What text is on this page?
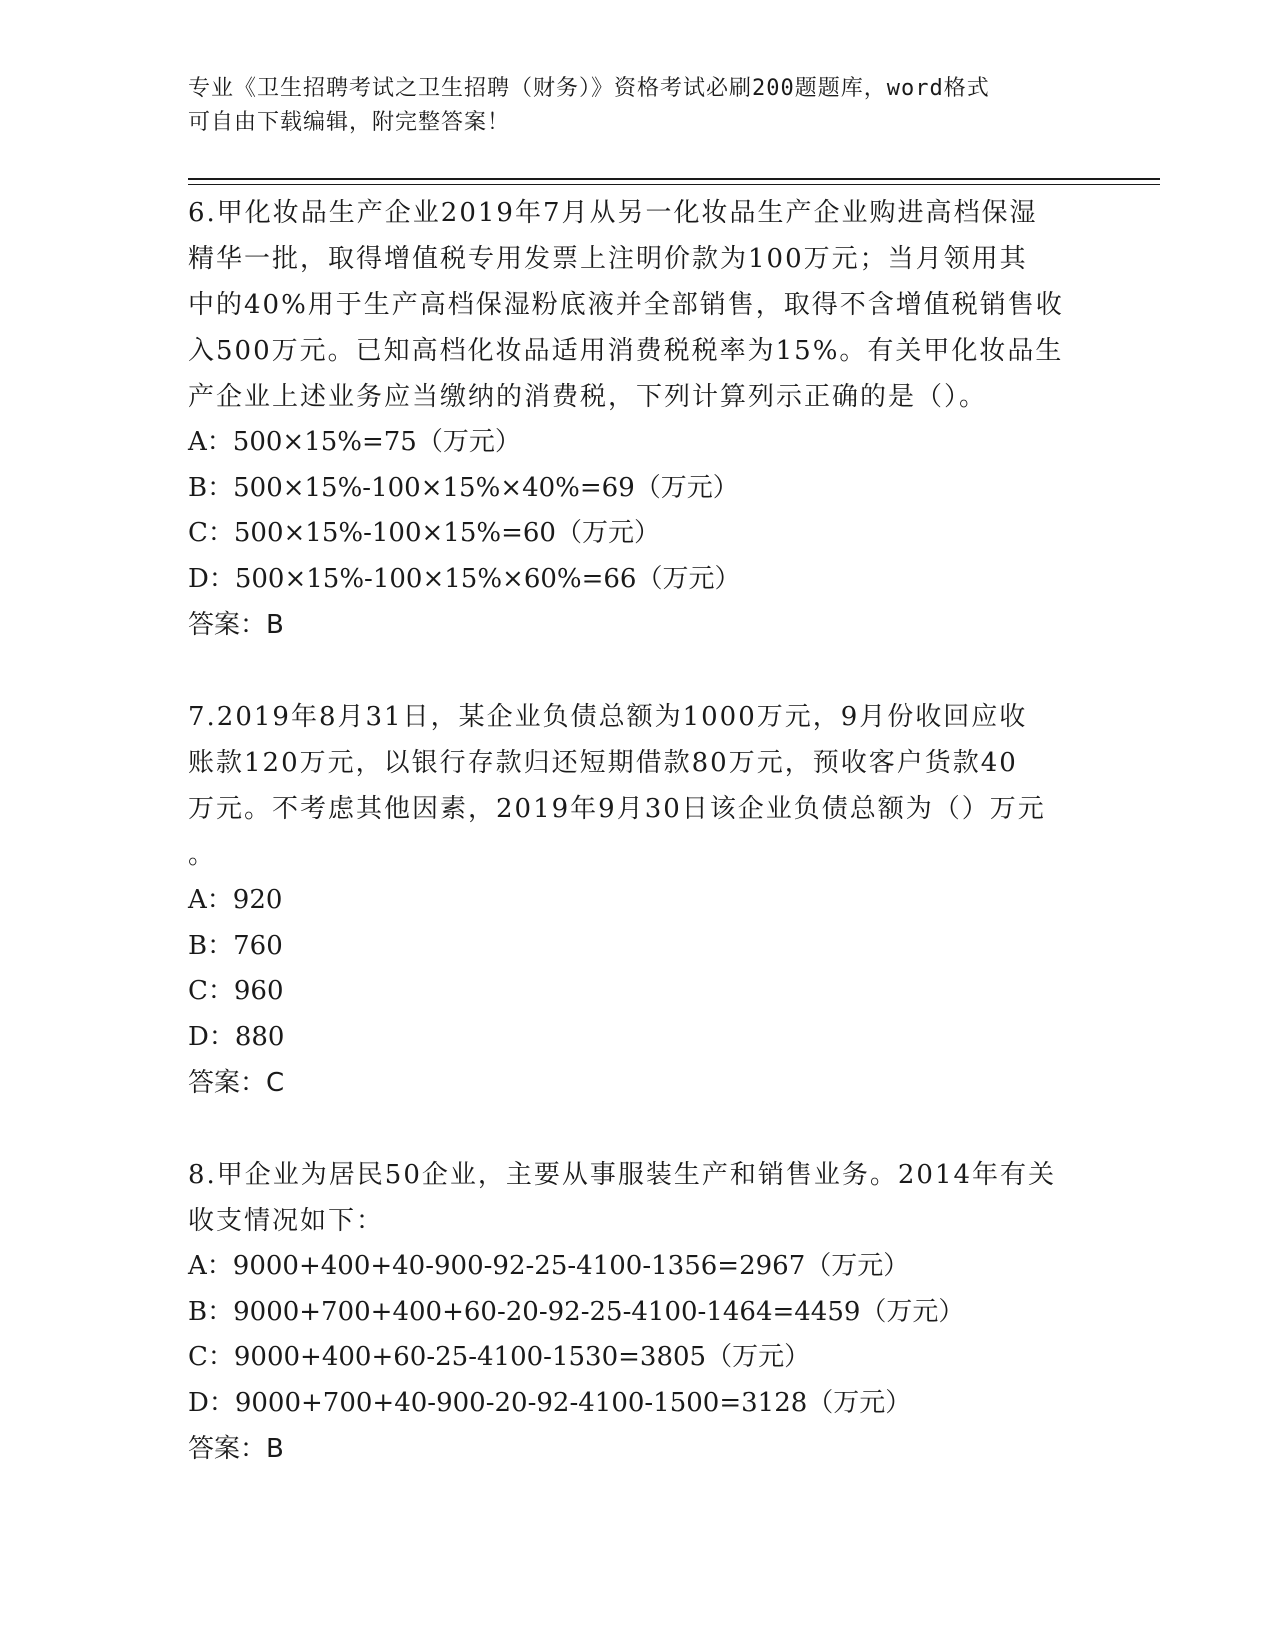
专业《卫生招聘考试之卫生招聘（财务）》资格考试必刷200题题库，word格式
可自由下载编辑，附完整答案！
6.甲化妆品生产企业2019年7月从另一化妆品生产企业购进高档保湿
精华一批，取得增值税专用发票上注明价款为100万元；当月领用其
中的40%用于生产高档保湿粉底液并全部销售，取得不含增值税销售收
入500万元。已知高档化妆品适用消费税税率为15%。有关甲化妆品生
产企业上述业务应当缴纳的消费税，下列计算列示正确的是（）。
A：500×15%=75（万元）
B：500×15%-100×15%×40%=69（万元）
C：500×15%-100×15%=60（万元）
D：500×15%-100×15%×60%=66（万元）
答案：B
7.2019年8月31日，某企业负债总额为1000万元，9月份收回应收
账款120万元，以银行存款归还短期借款80万元，预收客户货款40
万元。不考虑其他因素，2019年9月30日该企业负债总额为（）万元
。
A：920
B：760
C：960
D：880
答案：C
8.甲企业为居民50企业，主要从事服装生产和销售业务。2014年有关
收支情况如下：
A：9000+400+40-900-92-25-4100-1356=2967（万元）
B：9000+700+400+60-20-92-25-4100-1464=4459（万元）
C：9000+400+60-25-4100-1530=3805（万元）
D：9000+700+40-900-20-92-4100-1500=3128（万元）
答案：B
